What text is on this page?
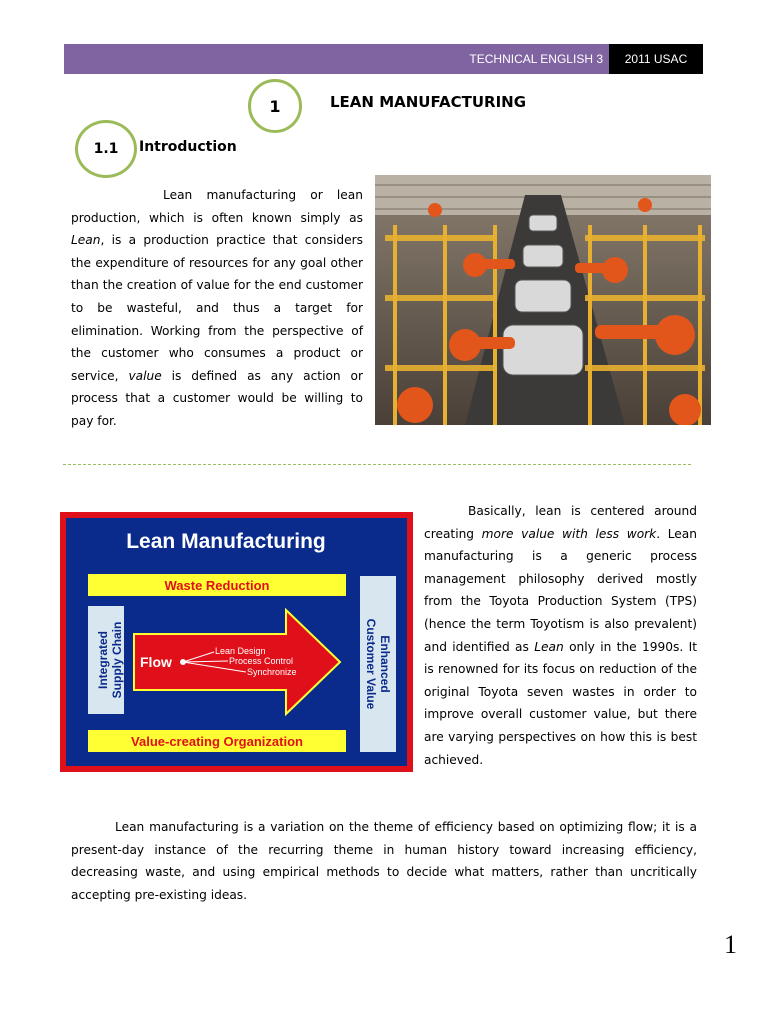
TECHNICAL ENGLISH 3	2011 USAC
1	LEAN MANUFACTURING
1.1	Introduction
Lean manufacturing or lean production, which is often known simply as Lean, is a production practice that considers the expenditure of resources for any goal other than the creation of value for the end customer to be wasteful, and thus a target for elimination. Working from the perspective of the customer who consumes a product or service, value is defined as any action or process that a customer would be willing to pay for.
Lean Manufacturing
Waste Reduction
Value-creating Organization
Integrated Supply Chain	Enhanced
Customer Value
Flow
Lean Design
Process Control
Synchronize
Basically, lean is centered around creating more value with less work. Lean manufacturing is a generic process management philosophy derived mostly from the Toyota Production System (TPS) (hence the term Toyotism is also prevalent) and identified as Lean only in the 1990s. It is renowned for its focus on reduction of the original Toyota seven wastes in order to improve overall customer value, but there are varying perspectives on how this is best achieved.
Lean manufacturing is a variation on the theme of efficiency based on optimizing flow; it is a present-day instance of the recurring theme in human history toward increasing efficiency, decreasing waste, and using empirical methods to decide what matters, rather than uncritically accepting pre-existing ideas.
1
